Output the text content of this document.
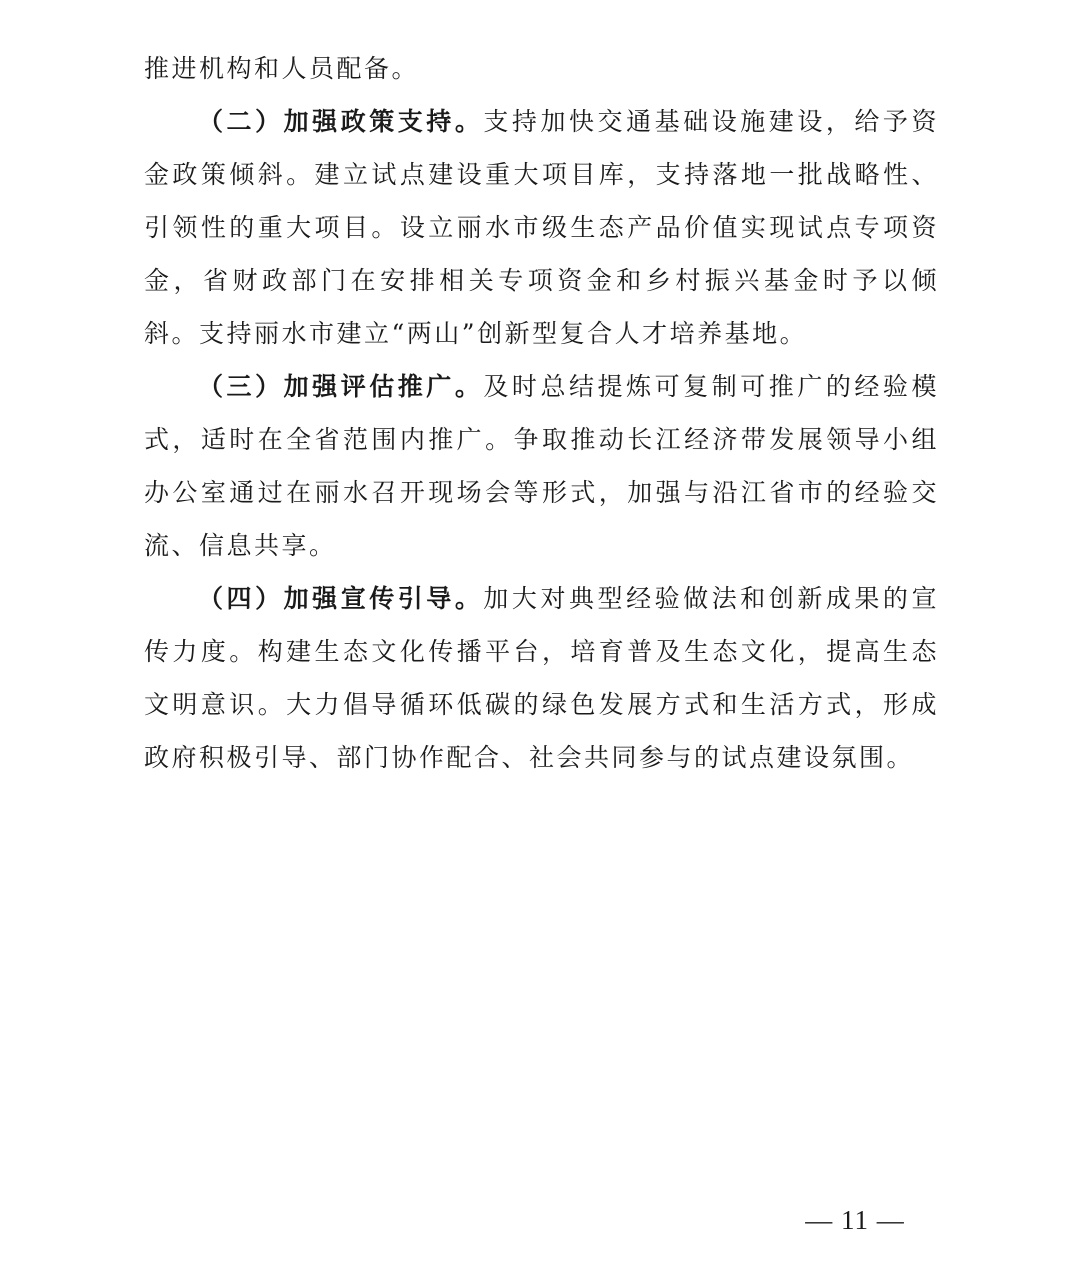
推进机构和人员配备。

（二）加强政策支持。支持加快交通基础设施建设，给予资金政策倾斜。建立试点建设重大项目库，支持落地一批战略性、引领性的重大项目。设立丽水市级生态产品价值实现试点专项资金，省财政部门在安排相关专项资金和乡村振兴基金时予以倾斜。支持丽水市建立“两山”创新型复合人才培养基地。

（三）加强评估推广。及时总结提炼可复制可推广的经验模式，适时在全省范围内推广。争取推动长江经济带发展领导小组办公室通过在丽水召开现场会等形式，加强与沿江省市的经验交流、信息共享。

（四）加强宣传引导。加大对典型经验做法和创新成果的宣传力度。构建生态文化传播平台，培育普及生态文化，提高生态文明意识。大力倡导循环低碳的绿色发展方式和生活方式，形成政府积极引导、部门协作配合、社会共同参与的试点建设氛围。

— 11 —
